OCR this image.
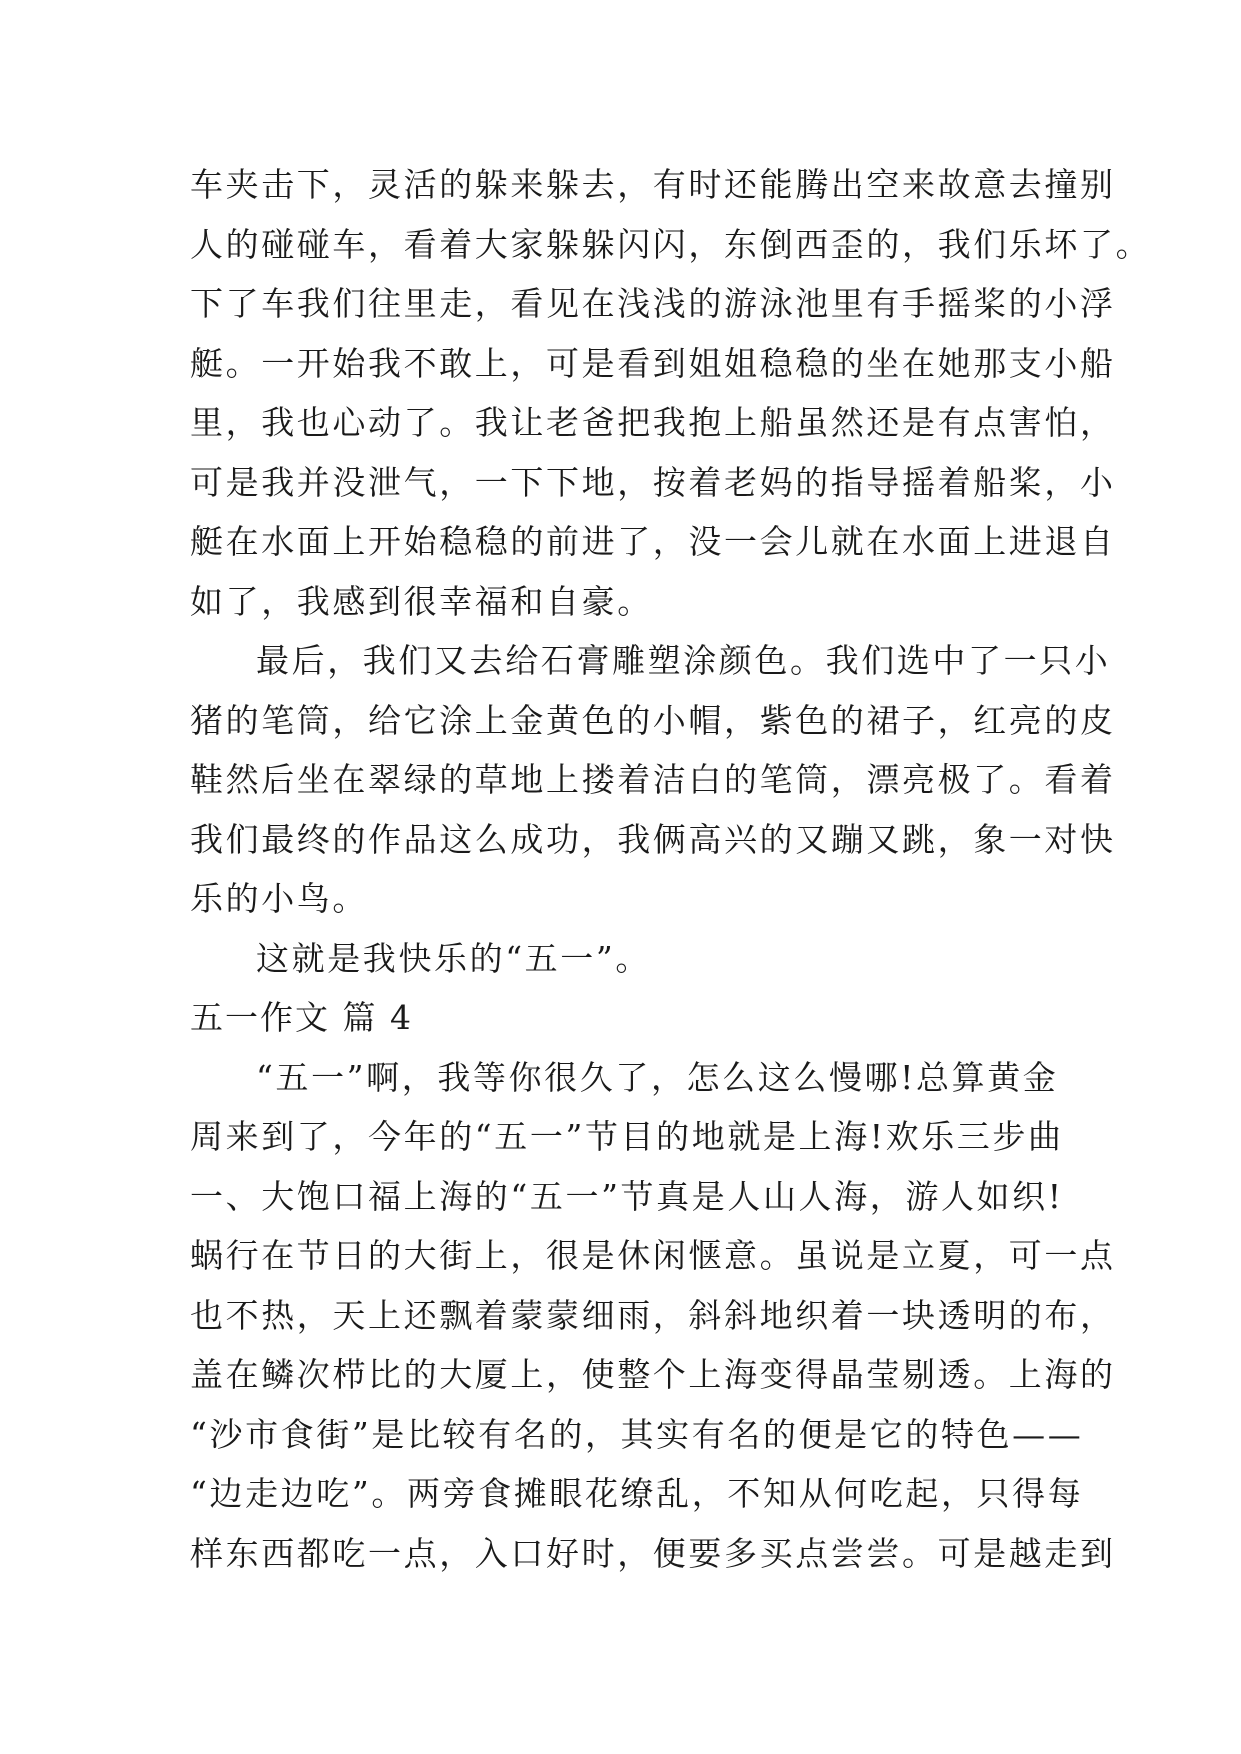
车夹击下，灵活的躲来躲去，有时还能腾出空来故意去撞别
人的碰碰车，看着大家躲躲闪闪，东倒西歪的，我们乐坏了。
下了车我们往里走，看见在浅浅的游泳池里有手摇桨的小浮
艇。一开始我不敢上，可是看到姐姐稳稳的坐在她那支小船
里，我也心动了。我让老爸把我抱上船虽然还是有点害怕，
可是我并没泄气，一下下地，按着老妈的指导摇着船桨，小
艇在水面上开始稳稳的前进了，没一会儿就在水面上进退自
如了，我感到很幸福和自豪。
最后，我们又去给石膏雕塑涂颜色。我们选中了一只小
猪的笔筒，给它涂上金黄色的小帽，紫色的裙子，红亮的皮
鞋然后坐在翠绿的草地上搂着洁白的笔筒，漂亮极了。看着
我们最终的作品这么成功，我俩高兴的又蹦又跳，象一对快
乐的小鸟。
这就是我快乐的“五一”。
五一作文 篇 4
“五一”啊，我等你很久了，怎么这么慢哪!总算黄金
周来到了，今年的“五一”节目的地就是上海!欢乐三步曲
一、大饱口福上海的“五一”节真是人山人海，游人如织!
蜗行在节日的大街上，很是休闲惬意。虽说是立夏，可一点
也不热，天上还飘着蒙蒙细雨，斜斜地织着一块透明的布，
盖在鳞次栉比的大厦上，使整个上海变得晶莹剔透。上海的
“沙市食街”是比较有名的，其实有名的便是它的特色——
“边走边吃”。两旁食摊眼花缭乱，不知从何吃起，只得每
样东西都吃一点，入口好时，便要多买点尝尝。可是越走到
